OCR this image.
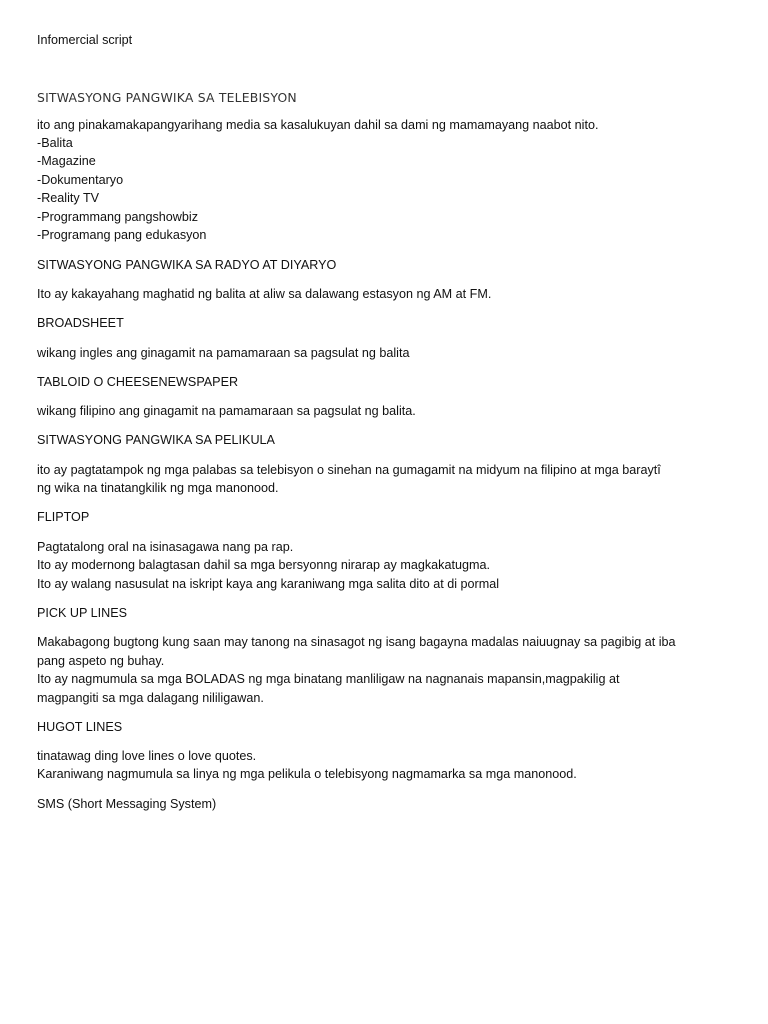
Infomercial script
SITWASYONG PANGWIKA SA TELEBISYON
ito ang pinakamakapangyarihang media sa kasalukuyan dahil sa dami ng mamamayang naabot nito.
-Balita
-Magazine
-Dokumentaryo
-Reality TV
-Programmang pangshowbiz
-Programang pang edukasyon
SITWASYONG PANGWIKA SA RADYO AT DIYARYO
Ito ay kakayahang maghatid ng balita at aliw sa dalawang estasyon ng AM at FM.
BROADSHEET
wikang ingles ang ginagamit na pamamaraan sa pagsulat ng balita
TABLOID O CHEESENEWSPAPER
wikang filipino ang ginagamit na pamamaraan sa pagsulat ng balita.
SITWASYONG PANGWIKA SA PELIKULA
ito ay pagtatampok ng mga palabas sa telebisyon o sinehan na gumagamit na midyum na filipino at mga baraytî
ng wika na tinatangkilik ng mga manonood.
FLIPTOP
Pagtatalong oral na isinasagawa nang pa rap.
Ito ay modernong balagtasan dahil sa mga bersyonng nirarap ay magkakatugma.
Ito ay walang nasusulat na iskript kaya ang karaniwang mga salita dito at di pormal
PICK UP LINES
Makabagong bugtong kung saan may tanong na sinasagot ng isang bagayna madalas naiuugnay sa pagibig at iba
pang aspeto ng buhay.
Ito ay nagmumula sa mga BOLADAS ng mga binatang manliligaw na nagnanais mapansin,magpakilig at
magpangiti sa mga dalagang nililigawan.
HUGOT LINES
tinatawag ding love lines o love quotes.
Karaniwang nagmumula sa linya ng mga pelikula o telebisyong nagmamarka sa mga manonood.
SMS (Short Messaging System)
